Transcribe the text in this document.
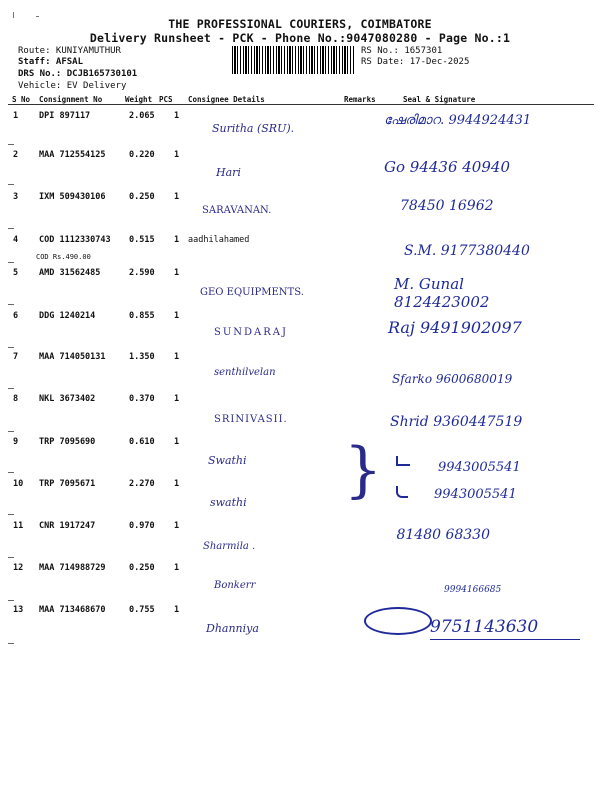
THE PROFESSIONAL COURIERS, COIMBATORE
Delivery Runsheet - PCK - Phone No.:9047080280 - Page No.:1
Route: KUNIYAMUTHUR
Staff: AFSAL
DRS No.: DCJB165730101
Vehicle: EV Delivery
RS No.: 1657301
RS Date: 17-Dec-2025
S No Consignment No	Weight PCS Consignee Details	Remarks	Seal & Signature
1 DPI 897117	2.065 1
Suritha (SRU).
ഷേരിമാറ. 9944924431
2 MAA 712554125	0.220 1
Hari	Go 94436 40940
3 IXM 509430106	0.250 1
SARAVANAN.	78450 16962
4 COD 1112330743 0.515 1 aadhilahamed
COD Rs.490.00	S.M. 9177380440
5 AMD 31562485	2.590 1
GEO EQUIPMENTS.	M. Gunal 8124423002
6 DDG 1240214	0.855 1
SUNDARAJ	Raj 9491902097
7 MAA 714050131	1.350 1
senthilvelan	Sfarko 9600680019
8 NKL 3673402	0.370 1
SRINIVASII.	Shrid 9360447519
9 TRP 7095690	0.610 1
Swathi }	9943005541
10 TRP 7095671	2.270 1
swathi
9943005541
11 CNR 1917247	0.970 1
Sharmila .
81480 68330
12 MAA 714988729	0.250 1
Bonkerr	9994166685
13 MAA 713468670	0.755 1
Dhanniya	9751143630
